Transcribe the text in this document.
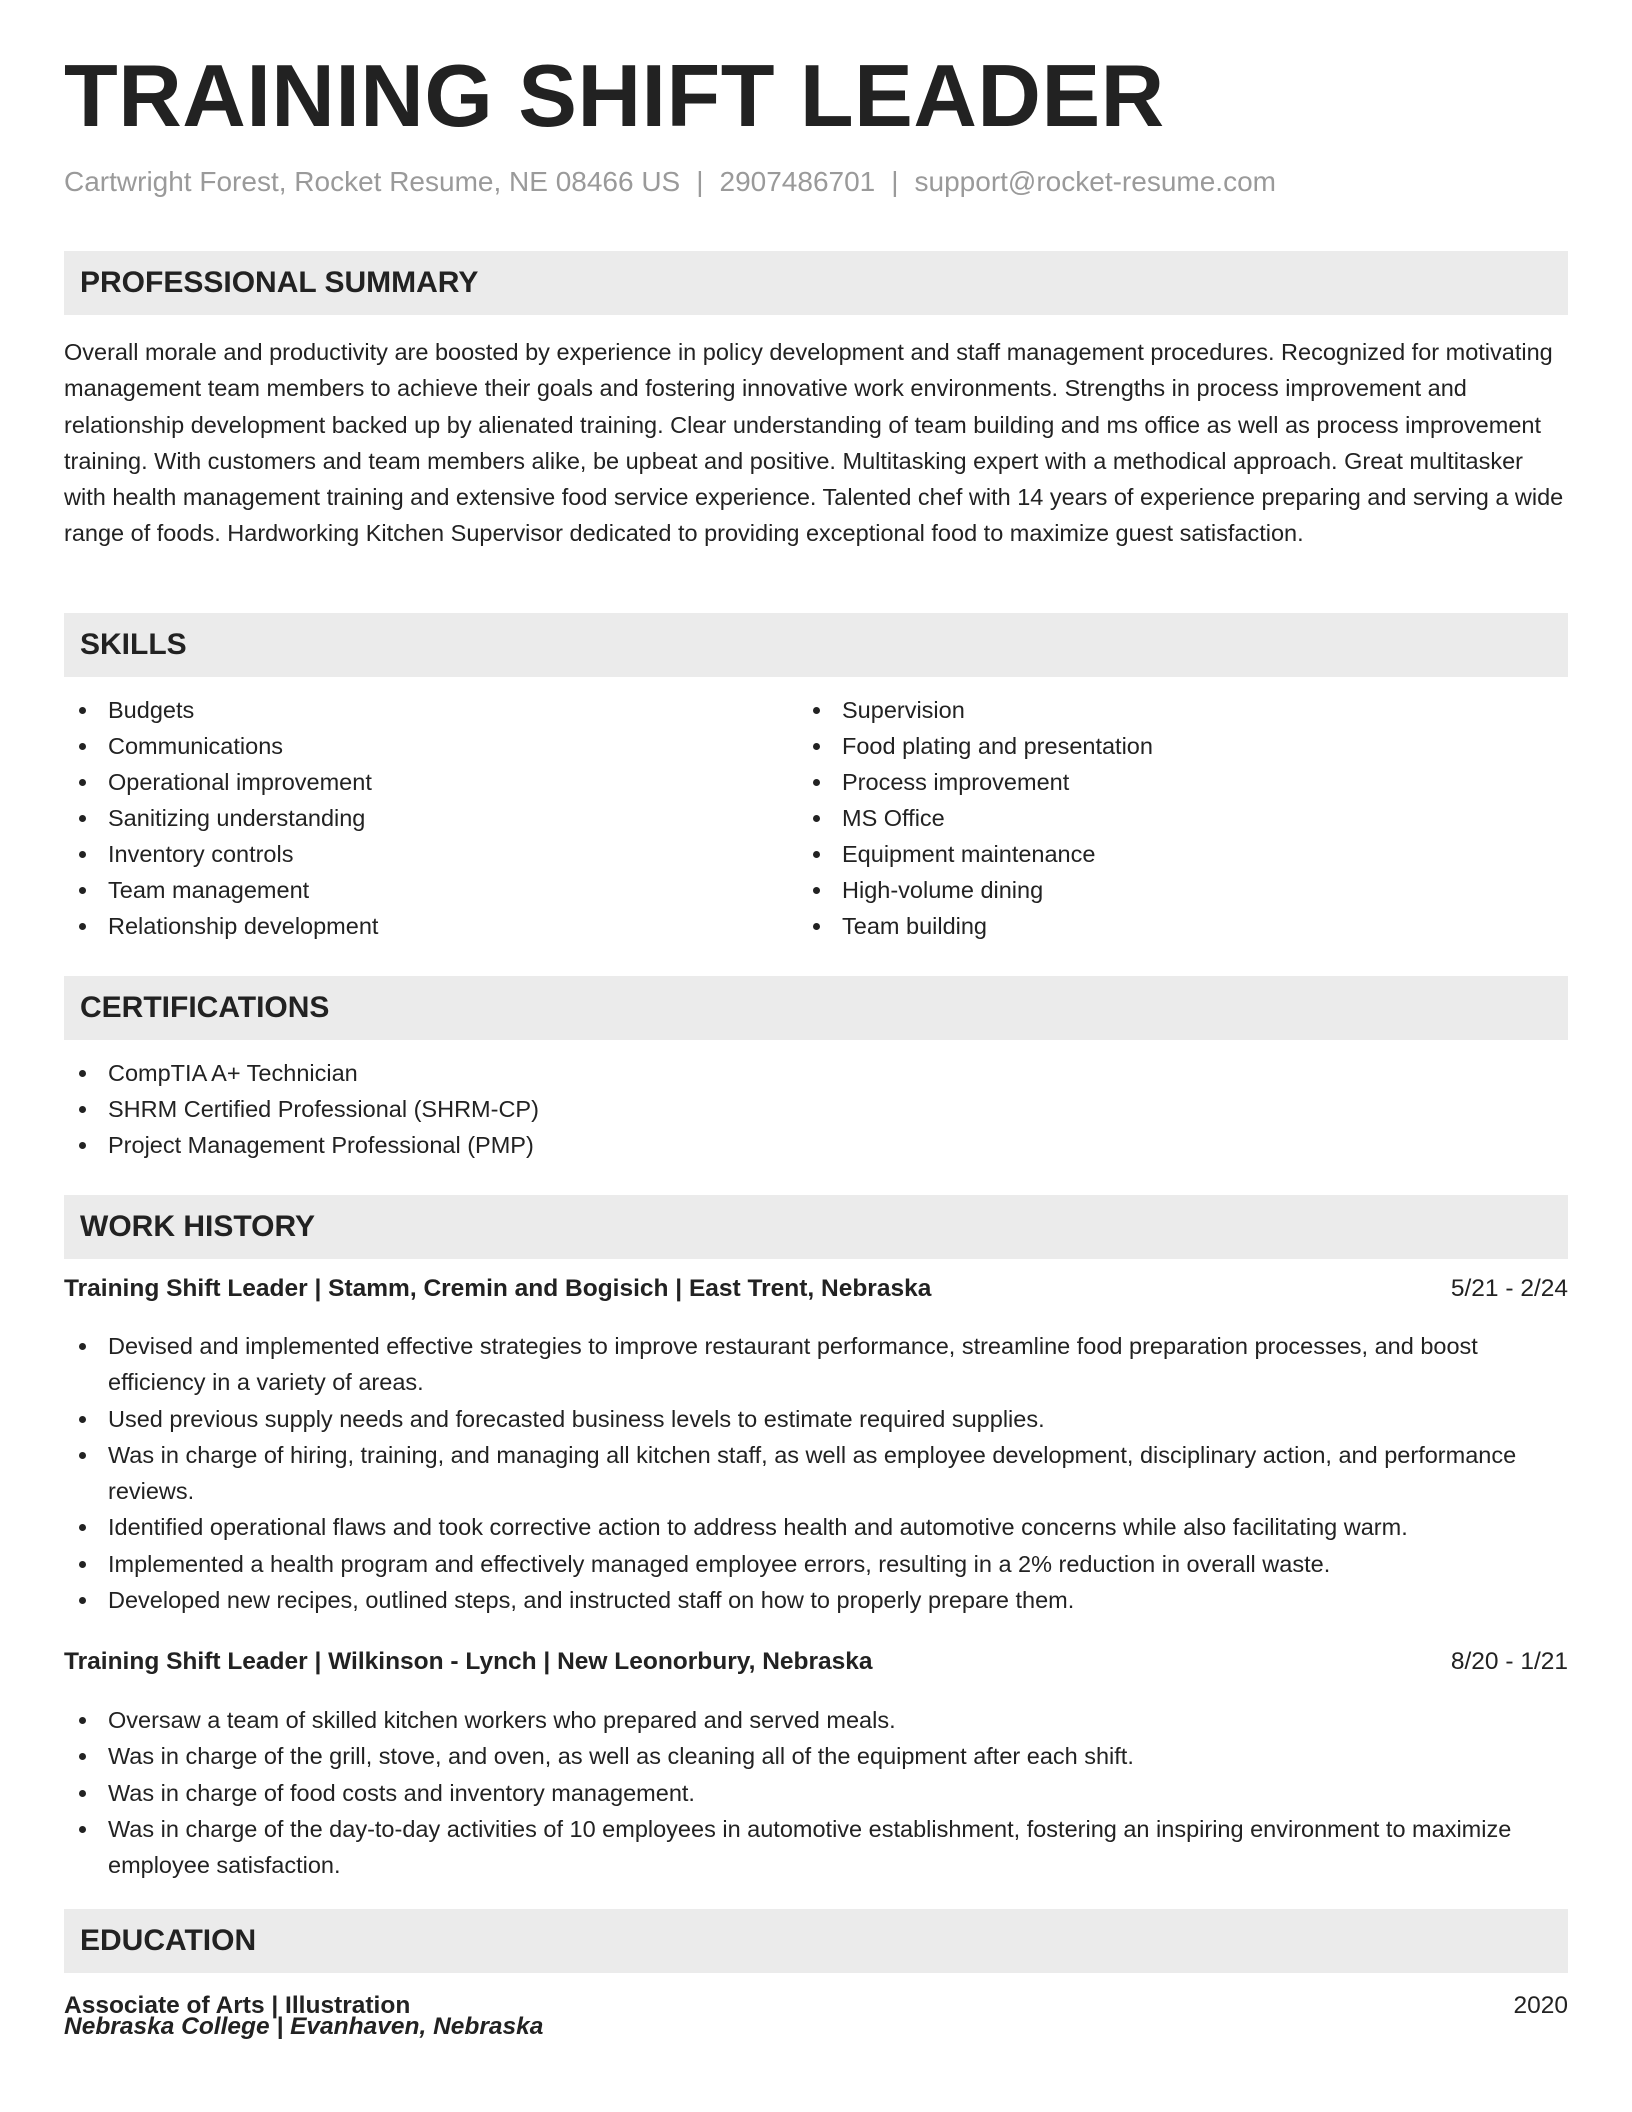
TRAINING SHIFT LEADER
Cartwright Forest, Rocket Resume, NE 08466 US | 2907486701 | support@rocket-resume.com
PROFESSIONAL SUMMARY

Overall morale and productivity are boosted by experience in policy development and staff management procedures. Recognized for motivating management team members to achieve their goals and fostering innovative work environments. Strengths in process improvement and relationship development backed up by alienated training. Clear understanding of team building and ms office as well as process improvement training. With customers and team members alike, be upbeat and positive. Multitasking expert with a methodical approach. Great multitasker with health management training and extensive food service experience. Talented chef with 14 years of experience preparing and serving a wide range of foods. Hardworking Kitchen Supervisor dedicated to providing exceptional food to maximize guest satisfaction.

SKILLS
Budgets
Communications
Operational improvement
Sanitizing understanding
Inventory controls
Team management
Relationship development
Supervision
Food plating and presentation
Process improvement
MS Office
Equipment maintenance
High-volume dining
Team building
CERTIFICATIONS
CompTIA A+ Technician
SHRM Certified Professional (SHRM-CP)
Project Management Professional (PMP)
WORK HISTORY
Training Shift Leader | Stamm, Cremin and Bogisich | East Trent, Nebraska	5/21 - 2/24
Devised and implemented effective strategies to improve restaurant performance, streamline food preparation processes, and boost efficiency in a variety of areas.
Used previous supply needs and forecasted business levels to estimate required supplies.
Was in charge of hiring, training, and managing all kitchen staff, as well as employee development, disciplinary action, and performance reviews.
Identified operational flaws and took corrective action to address health and automotive concerns while also facilitating warm.
Implemented a health program and effectively managed employee errors, resulting in a 2% reduction in overall waste.
Developed new recipes, outlined steps, and instructed staff on how to properly prepare them.
Training Shift Leader | Wilkinson - Lynch | New Leonorbury, Nebraska	8/20 - 1/21
Oversaw a team of skilled kitchen workers who prepared and served meals.
Was in charge of the grill, stove, and oven, as well as cleaning all of the equipment after each shift.
Was in charge of food costs and inventory management.
Was in charge of the day-to-day activities of 10 employees in automotive establishment, fostering an inspiring environment to maximize employee satisfaction.
EDUCATION
Associate of Arts | Illustration	2020
Nebraska College | Evanhaven, Nebraska
